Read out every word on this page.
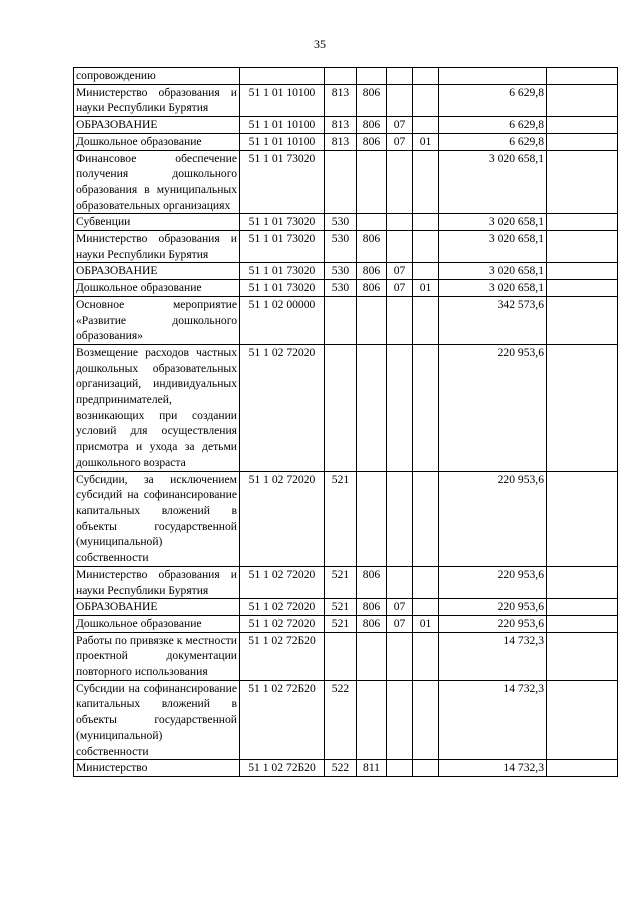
35
сопровождению							
Министерство образования и науки Республики Бурятия	51 1 01 10100	813	806			6 629,8	
ОБРАЗОВАНИЕ	51 1 01 10100	813	806	07		6 629,8	
Дошкольное образование	51 1 01 10100	813	806	07	01	6 629,8	
Финансовое обеспечение получения дошкольного образования в муниципальных образовательных организациях	51 1 01 73020					3 020 658,1	
Субвенции	51 1 01 73020	530				3 020 658,1	
Министерство образования и науки Республики Бурятия	51 1 01 73020	530	806			3 020 658,1	
ОБРАЗОВАНИЕ	51 1 01 73020	530	806	07		3 020 658,1	
Дошкольное образование	51 1 01 73020	530	806	07	01	3 020 658,1	
Основное мероприятие «Развитие дошкольного образования»	51 1 02 00000					342 573,6	
Возмещение расходов частных дошкольных образовательных организаций, индивидуальных предпринимателей, возникающих при создании условий для осуществления присмотра и ухода за детьми дошкольного возраста	51 1 02 72020					220 953,6	
Субсидии, за исключением субсидий на софинансирование капитальных вложений в объекты государственной (муниципальной) собственности	51 1 02 72020	521				220 953,6	
Министерство образования и науки Республики Бурятия	51 1 02 72020	521	806			220 953,6	
ОБРАЗОВАНИЕ	51 1 02 72020	521	806	07		220 953,6	
Дошкольное образование	51 1 02 72020	521	806	07	01	220 953,6	
Работы по привязке к местности проектной документации повторного использования	51 1 02 72Б20					14 732,3	
Субсидии на софинансирование капитальных вложений в объекты государственной (муниципальной) собственности	51 1 02 72Б20	522				14 732,3	
Министерство	51 1 02 72Б20	522	811			14 732,3	
